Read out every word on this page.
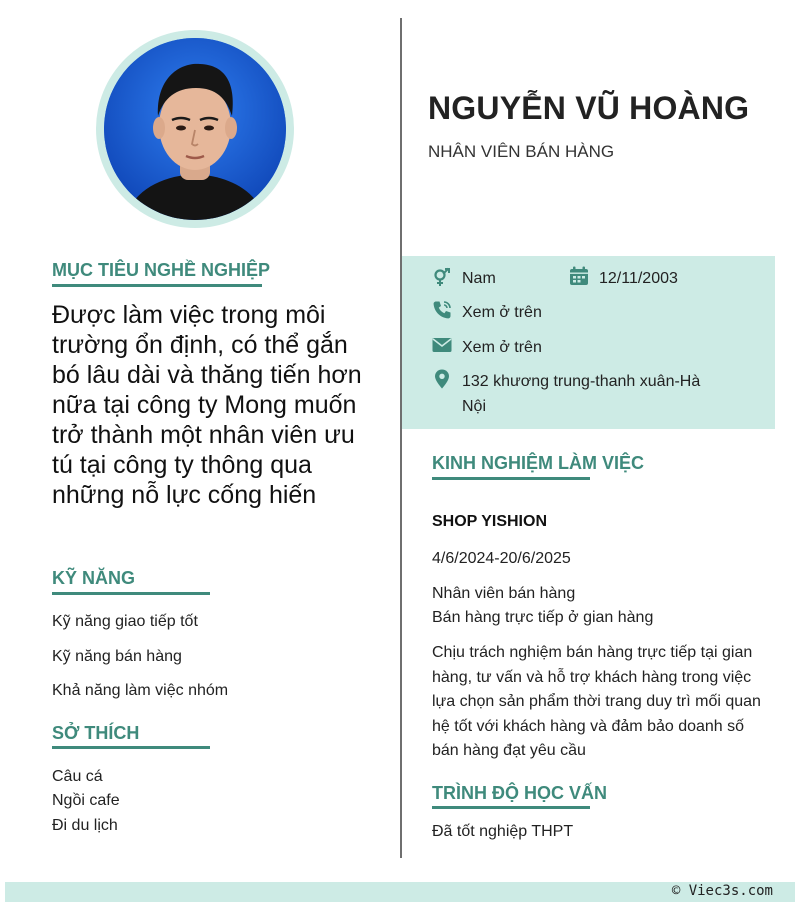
MỤC TIÊU NGHỀ NGHIỆP
Được làm việc trong môi trường ổn định, có thể gắn bó lâu dài và thăng tiến hơn nữa tại công ty Mong muốn trở thành một nhân viên ưu tú tại công ty thông qua những nỗ lực cống hiến
KỸ NĂNG
Kỹ năng giao tiếp tốt
Kỹ năng bán hàng
Khả năng làm việc nhóm
SỞ THÍCH
Câu cá
Ngồi cafe
Đi du lịch
NGUYỄN VŨ HOÀNG
NHÂN VIÊN BÁN HÀNG
Nam	12/11/2003
Xem ở trên
Xem ở trên
132 khương trung-thanh xuân-Hà
Nội
KINH NGHIỆM LÀM VIỆC
SHOP YISHION
4/6/2024-20/6/2025
Nhân viên bán hàng
Bán hàng trực tiếp ở gian hàng
Chịu trách nghiệm bán hàng trực tiếp tại gian hàng, tư vấn và hỗ trợ khách hàng trong việc lựa chọn sản phẩm thời trang duy trì mối quan hệ tốt với khách hàng và đảm bảo doanh số bán hàng đạt yêu cầu
TRÌNH ĐỘ HỌC VẤN
Đã tốt nghiệp THPT
© Viec3s.com
